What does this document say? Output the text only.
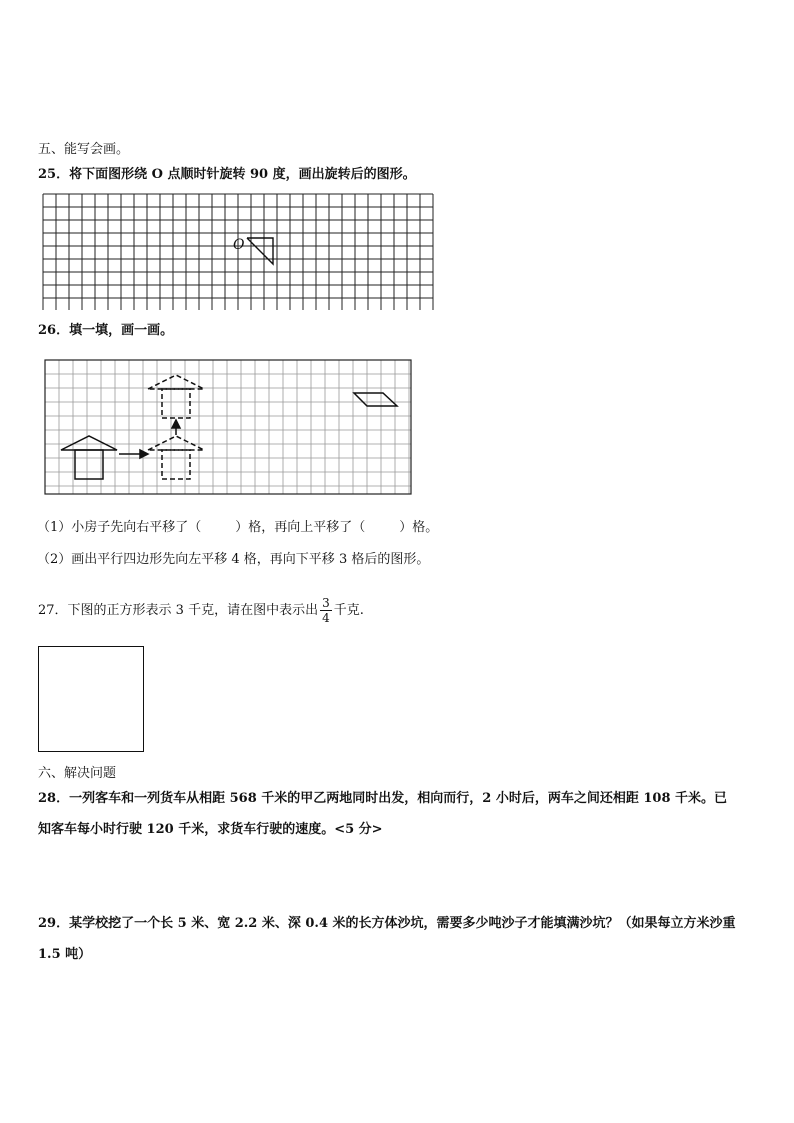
五、能写会画。
25．将下面图形绕 O 点顺时针旋转 90 度，画出旋转后的图形。
O
26．填一填，画一画。
（1）小房子先向右平移了（	）格，再向上平移了（	）格。
（2）画出平行四边形先向左平移 4 格，再向下平移 3 格后的图形。
27．下图的正方形表示 3 千克，请在图中表示出 $\frac{3}{4}$ 千克.
六、解决问题
28．一列客车和一列货车从相距 568 千米的甲乙两地同时出发，相向而行，2 小时后，两车之间还相距 108 千米。已
知客车每小时行驶 120 千米，求货车行驶的速度。<5 分>
29．某学校挖了一个长 5 米、宽 2.2 米、深 0.4 米的长方体沙坑，需要多少吨沙子才能填满沙坑？（如果每立方米沙重
1.5 吨）
